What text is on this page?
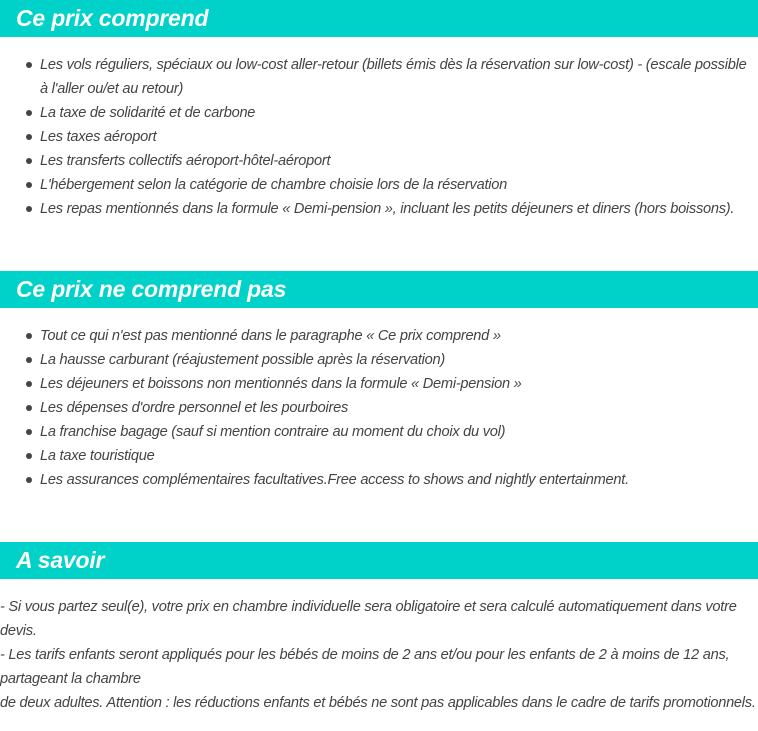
Ce prix comprend
Les vols réguliers, spéciaux ou low-cost aller-retour (billets émis dès la réservation sur low-cost) - (escale possible à l'aller ou/et au retour)
La taxe de solidarité et de carbone
Les taxes aéroport
Les transferts collectifs aéroport-hôtel-aéroport
L'hébergement selon la catégorie de chambre choisie lors de la réservation
Les repas mentionnés dans la formule « Demi-pension », incluant les petits déjeuners et diners (hors boissons).
Ce prix ne comprend pas
Tout ce qui n'est pas mentionné dans le paragraphe « Ce prix comprend »
La hausse carburant (réajustement possible après la réservation)
Les déjeuners et boissons non mentionnés dans la formule « Demi-pension »
Les dépenses d'ordre personnel et les pourboires
La franchise bagage (sauf si mention contraire au moment du choix du vol)
La taxe touristique
Les assurances complémentaires facultatives.Free access to shows and nightly entertainment.
A savoir

- Si vous partez seul(e), votre prix en chambre individuelle sera obligatoire et sera calculé automatiquement dans votre devis.

- Les tarifs enfants seront appliqués pour les bébés de moins de 2 ans et/ou pour les enfants de 2 à moins de 12 ans, partageant la chambre

de deux adultes. Attention : les réductions enfants et bébés ne sont pas applicables dans le cadre de tarifs promotionnels.
